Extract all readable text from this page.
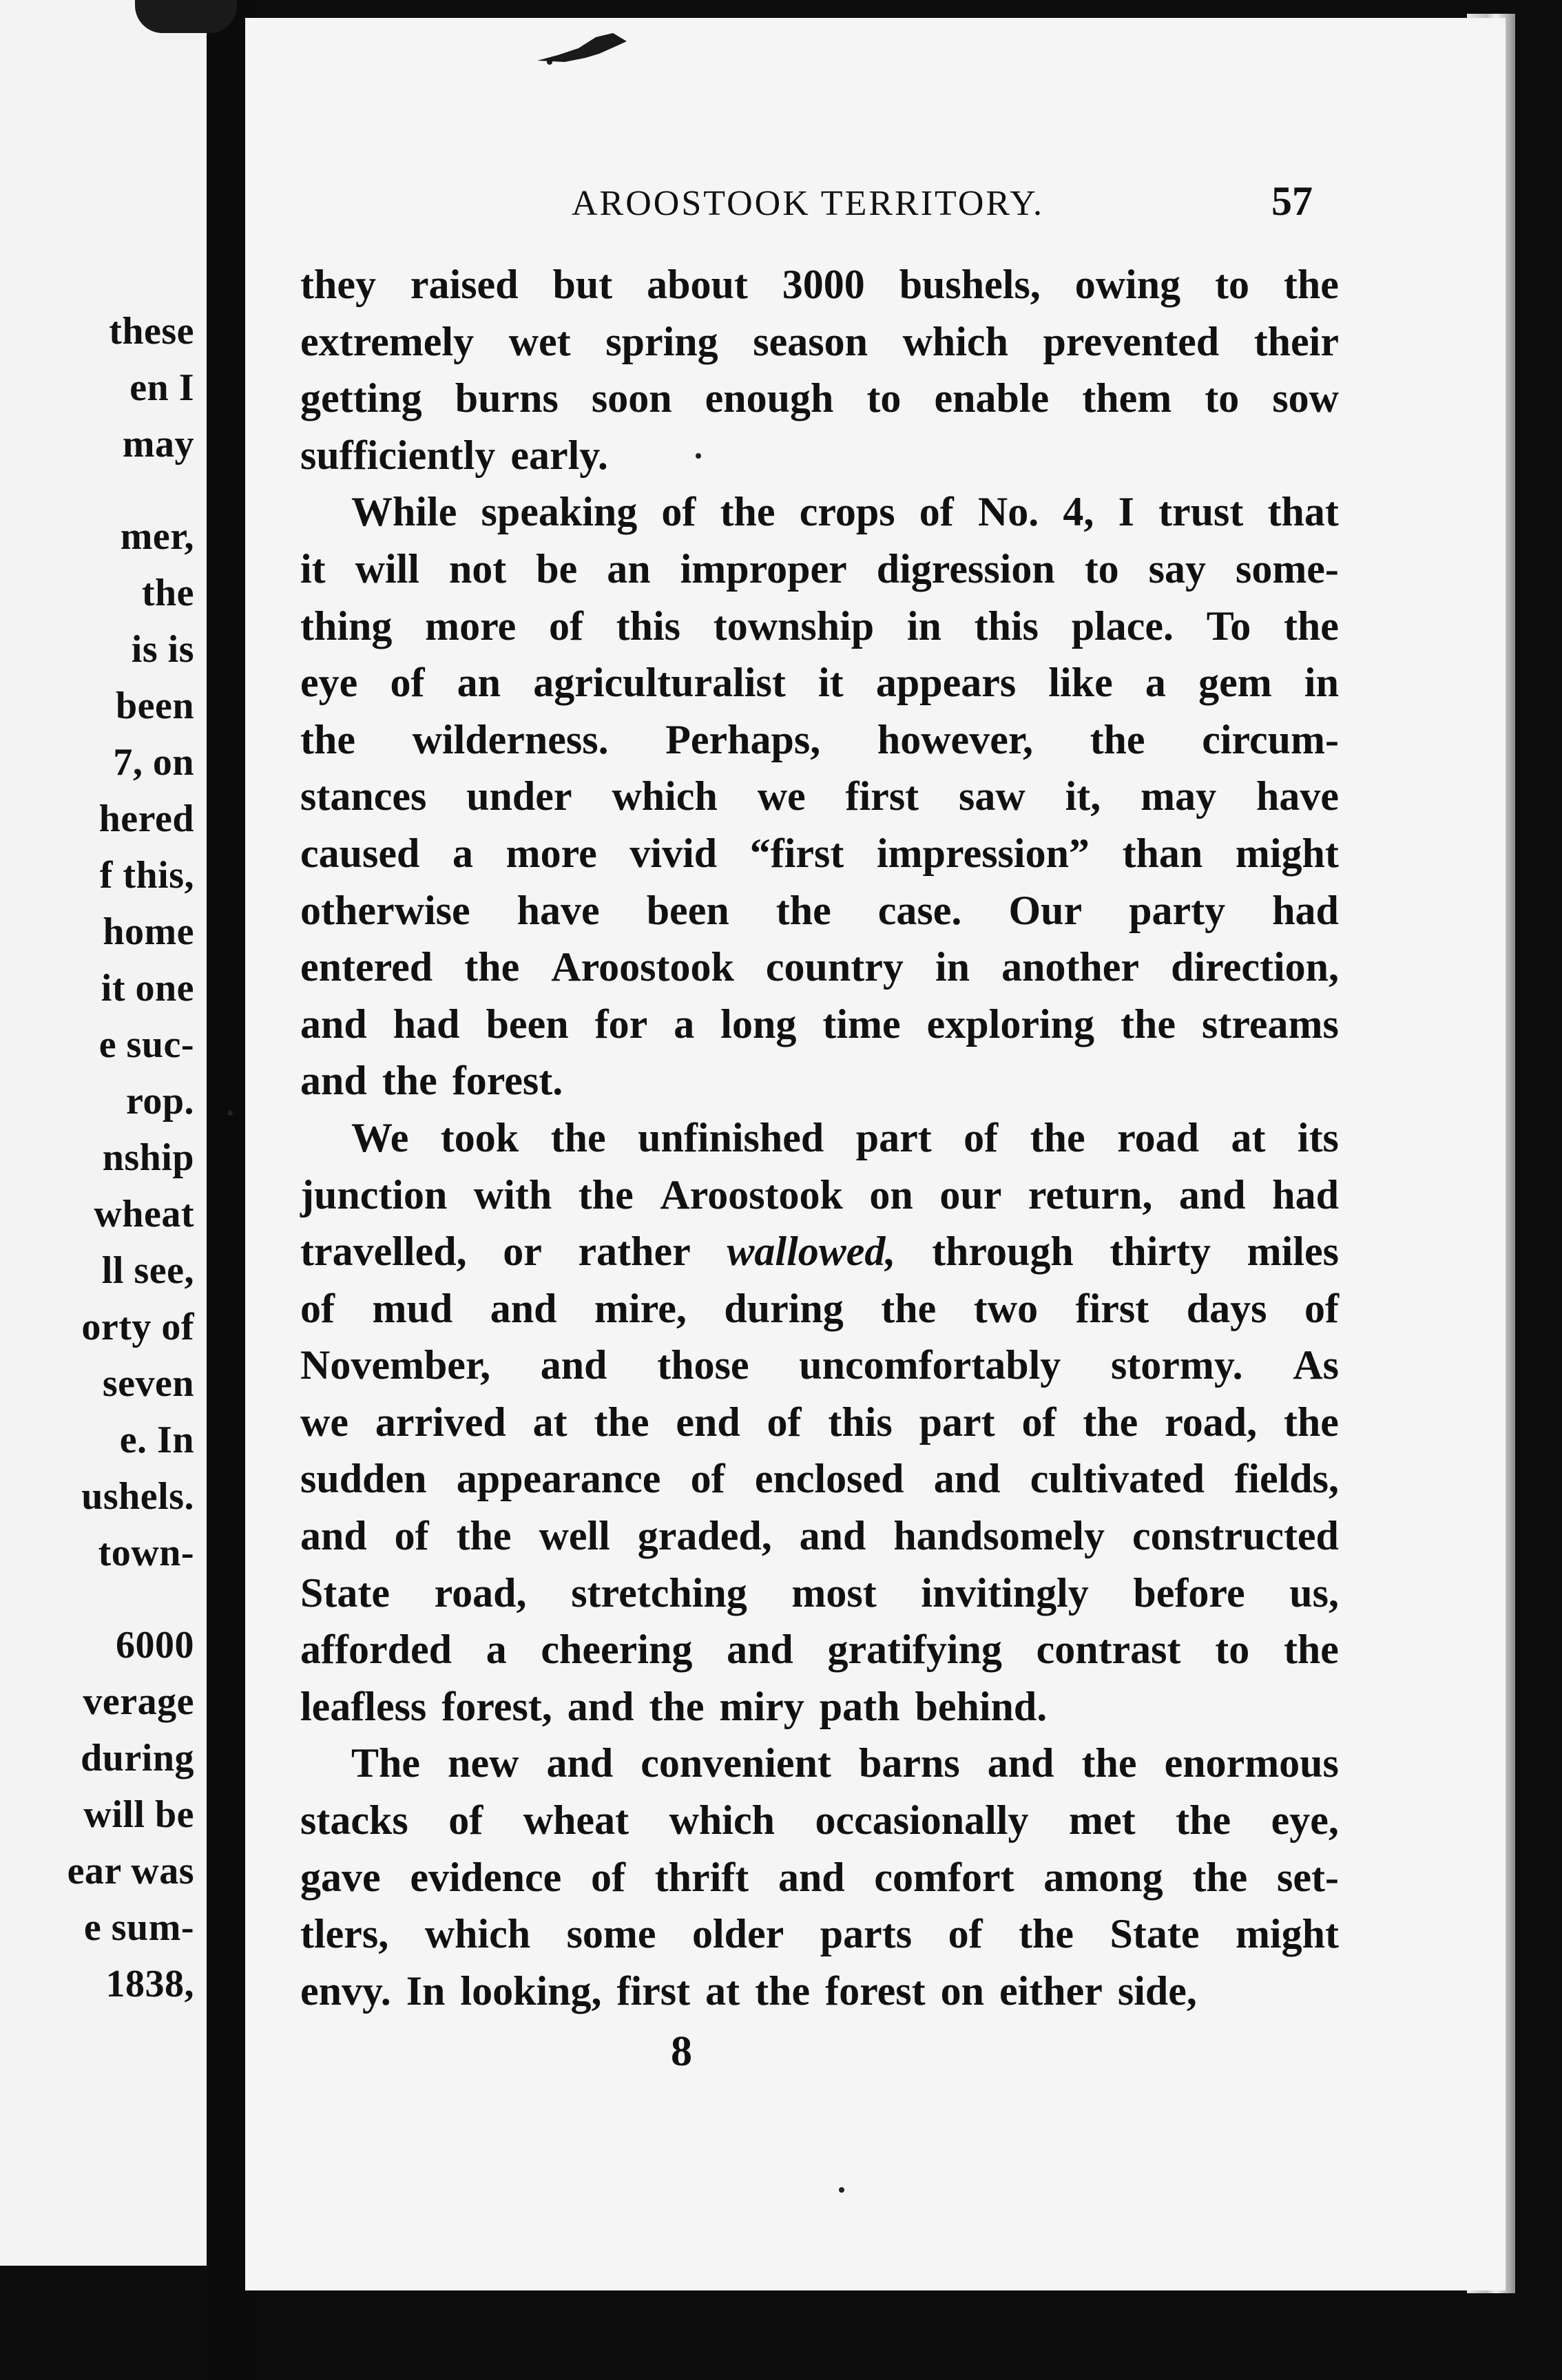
these
en I
may
mer,
the
is is
been
7, on
hered
f this,
home
it one
e suc-
rop.
nship
wheat
ll see,
orty of
seven
e. In
ushels.
town-
6000
verage
during
will be
ear was
e sum-
1838,
AROOSTOOK TERRITORY.	57
they raised but about 3000 bushels, owing to the
extremely wet spring season which prevented their
getting burns soon enough to enable them to sow
sufficiently early.
While speaking of the crops of No. 4, I trust that
it will not be an improper digression to say some-
thing more of this township in this place. To the
eye of an agriculturalist it appears like a gem in
the wilderness. Perhaps, however, the circum-
stances under which we first saw it, may have
caused a more vivid “first impression” than might
otherwise have been the case. Our party had
entered the Aroostook country in another direction,
and had been for a long time exploring the streams
and the forest.
We took the unfinished part of the road at its
junction with the Aroostook on our return, and had
travelled, or rather wallowed, through thirty miles
of mud and mire, during the two first days of
November, and those uncomfortably stormy. As
we arrived at the end of this part of the road, the
sudden appearance of enclosed and cultivated fields,
and of the well graded, and handsomely constructed
State road, stretching most invitingly before us,
afforded a cheering and gratifying contrast to the
leafless forest, and the miry path behind.
The new and convenient barns and the enormous
stacks of wheat which occasionally met the eye,
gave evidence of thrift and comfort among the set-
tlers, which some older parts of the State might
envy. In looking, first at the forest on either side,
8
